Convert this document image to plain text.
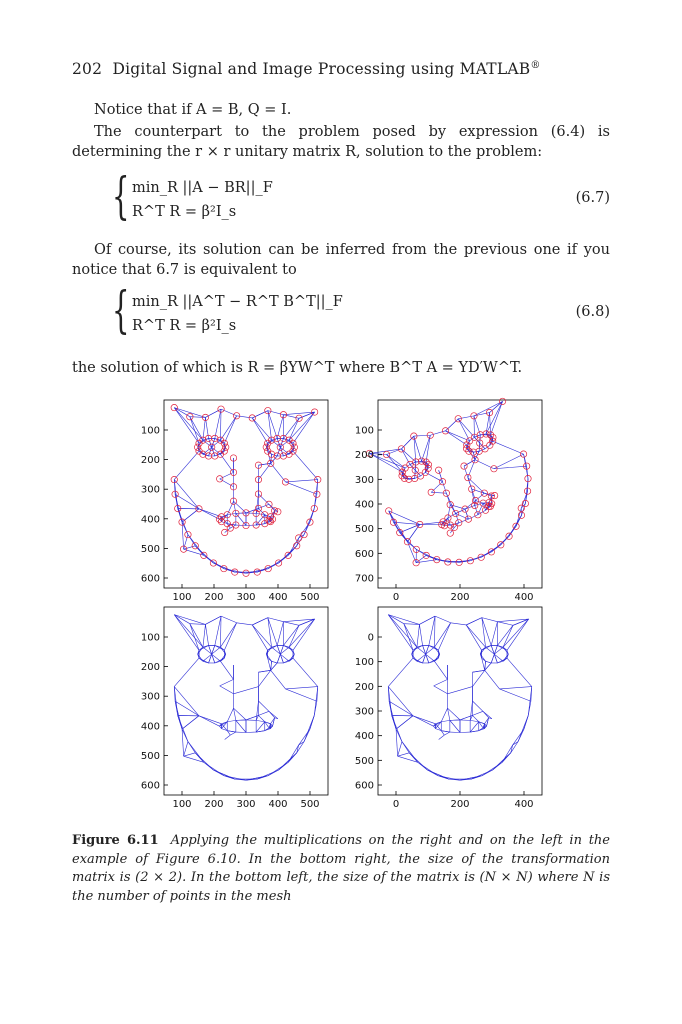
202 Digital Signal and Image Processing using MATLAB®
Notice that if A = B, Q = I.
The counterpart to the problem posed by expression (6.4) is determining the r × r unitary matrix R, solution to the problem:
{ min_R ||A − BR||_F
R^T R = β²I_s
(6.7)
Of course, its solution can be inferred from the previous one if you notice that 6.7 is equivalent to
{ min_R ||A^T − R^T B^T||_F
R^T R = β²I_s
(6.8)
the solution of which is R = βYW^T where B^T A = YD′W^T.
100
200
300
400
500
600
100 200 300 400 500
100
200
300
400
500
600
700
0	200	400
100
200
300
400
500
600
100 200 300 400 500
0
100
200
300
400
500
600
0	200	400
Figure 6.11 Applying the multiplications on the right and on the left in the example of Figure 6.10. In the bottom right, the size of the transformation matrix is (2 × 2). In the bottom left, the size of the matrix is (N × N) where N is the number of points in the mesh
